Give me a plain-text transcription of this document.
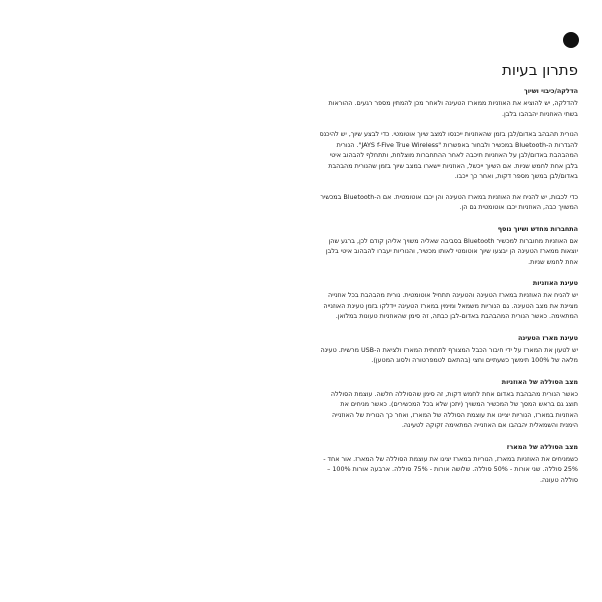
פתרון בעיות
הדלקה/כיבוי ושיוך

להדלקה, יש להוציא את האוזניות ממארז הטעינה ולאחר מכן להמתין מספר רגעים. ההוראות בשתי האוזניות יהבהבו בלבן.

הנורית תהבהב באדום/לבן בזמן שהאוזניות ייכנסו למצב שיוך אוטומטי. כדי לבצע שיוך, יש להיכנס להגדרות ה-Bluetooth במכשיר ולבחור באפשרות "JAYS f-Five True Wireless". הנורית המהבהבת באדום/לבן על האוזניות תיכבה לאחר ההתחברות מוצלחת, ותתחלף להבהוב איטי בלבן אחת לחמש שניות. אם השיוך ייכשל, האוזניות יישארו במצב שיוך בזמן שהנורית מהבהבת באדום/לבן במשך מספר דקות, ואחר כך ייכבו.

כדי לכבות, יש להניח את האוזניות במארז הטעינה והן יכבו אוטומטית. אם ה-Bluetooth במכשיר המשויך כבה, האוזניות יכבו אוטומטית גם הן.

התחברות מחדש ושיוך נוסף

אם האוזניות מחוברות למכשיר Bluetooth בסביבה שאליה משויך אליהן קודם לכן, ברגע שהן יוצאות ממארז הטעינה הן יבצעו שיוך אוטומטי לאותו מכשיר, והנוריות יעברו להבהוב איטי בלבן אחת לחמש שניות.

טעינת האוזניות

יש להניח את האוזניות במארז הטעינה והטעינה תתחיל אוטומטית. נורית מהבהבת בכל אוזנייה מציינת את מצב הטעינה. גם הנוריות משמאל ומימין במארז הטעינה יידלקו בזמן טעינת האוזנייה המתאימה. כאשר הנורית המהבהבת באדום-לבן כבתה, זה סימן שהאוזניות טעונות במלואן.

טעינת מארז הטעינה

יש לטעון את המארז על ידי חיבור הכבל המצורף לתחתית המארז ולציאת ה-USB מרשית. טעינה מלאה של 100% תימשך כשעתיים וחצי (בהתאם לטמפרטורה ולסוג המטען).

מצב הסוללה של האוזניות

כאשר הנורית מהבהבת באדום אחת לחמש דקות, זה סימן שהסוללה חלשה. עוצמת הסוללה תוצג גם בראש המסך של המכשיר המשויך (יתכן שלא בכל המכשירים). כאשר מניחים את האוזניות במארז, הנוריות יציינו את עוצמת הסוללה של המארז, ואחר כך הנורית של האוזנייה הימנית והשמאלית יהבהבו אם האוזנייה המתאימה זקוקה לטעינה.

מצב הסוללה של המארז

כשמניחים את האוזניות במארז, הנוריות במארז יציגו את עוצמת הסוללה של המארז. אור אחד - 25% סוללה. שני אורות - 50% סוללה. שלושה אורות - 75% סוללה. ארבעה אורות 100% – סוללה טעונה.
